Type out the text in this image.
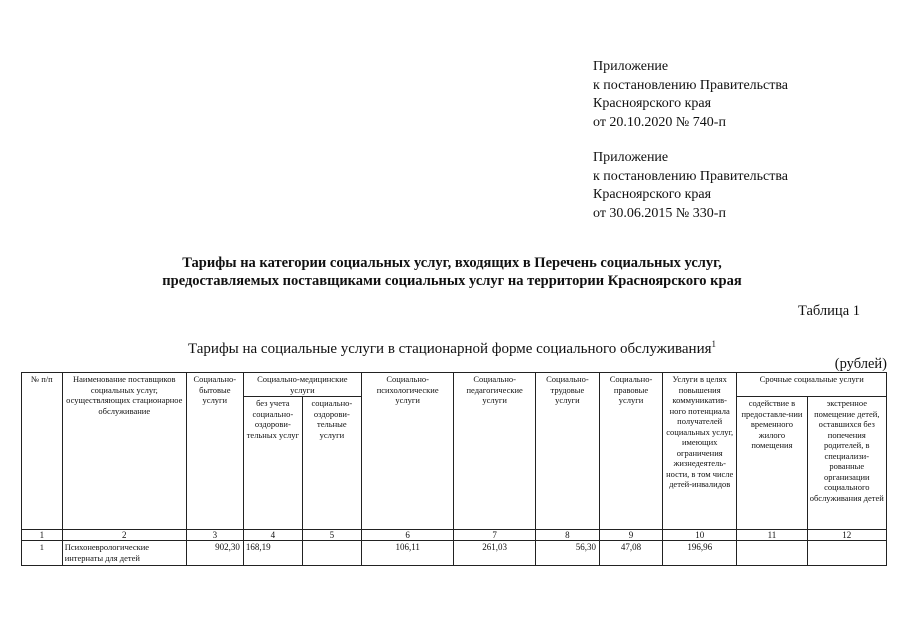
Приложение
к постановлению Правительства
Красноярского края
от 20.10.2020 № 740-п
Приложение
к постановлению Правительства
Красноярского края
от 30.06.2015 № 330-п
Тарифы на категории социальных услуг, входящих в Перечень социальных услуг,
предоставляемых поставщиками социальных услуг на территории Красноярского края
Таблица 1
Тарифы на социальные услуги в стационарной форме социального обслуживания$^1$
(рублей)
№ п/п	Наименование поставщиков социальных услуг, осуществляющих стационарное обслуживание	Социально-бытовые услуги	Социально-медицинские услуги		Социально-психологические услуги	Социально-педагогические услуги	Социально-трудовые услуги	Социально-правовые услуги	Услуги в целях повышения коммуникатив-ного потенциала получателей социальных услуг, имеющих ограничения жизнедеятель-ности, в том числе детей-инвалидов	Срочные социальные услуги	
			без учета социально-оздорови-тельных услуг	социально-оздорови-тельные услуги						содействие в предоставле-нии временного жилого помещения	экстренное помещение детей, оставшихся без попечения родителей, в специализи-рованные организации социального обслуживания детей
1	2	3	4	5	6	7	8	9	10	11	12
1	Психоневрологические интернаты для детей	902,30	168,19		106,11	261,03	56,30	47,08	196,96		
